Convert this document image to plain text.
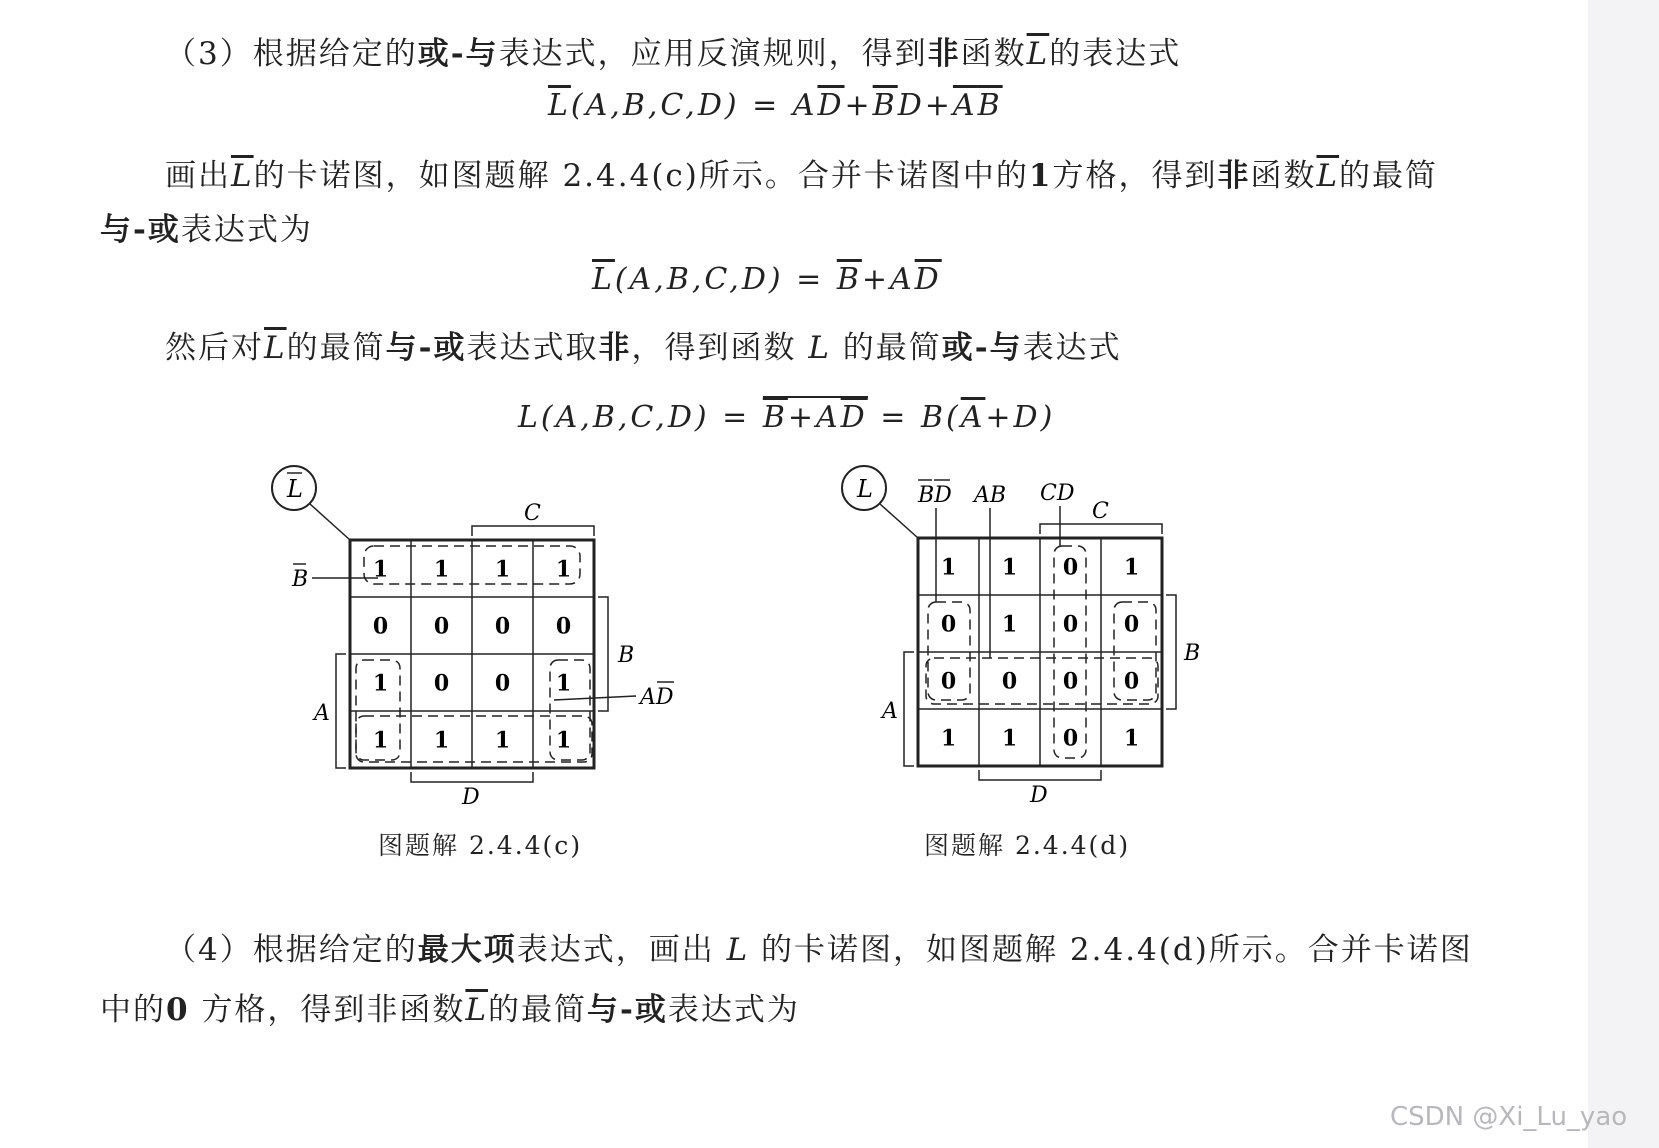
（3）根据给定的或-与表达式，应用反演规则，得到非函数$\overline{L}$的表达式
$\overline{L}(A,B,C,D) = A\overline{D}+\overline{B}D+\overline{A}\overline{B}$
画出$\overline{L}$的卡诺图，如图题解 2.4.4(c)所示。合并卡诺图中的1方格，得到非函数$\overline{L}$的最简
与-或表达式为
$\overline{L}(A,B,C,D) = \overline{B}+A\overline{D}$
然后对$\overline{L}$的最简与-或表达式取非，得到函数 L 的最简或-与表达式
$L(A,B,C,D) = \overline{B}+A\overline{D} = B(\overline{A}+D)$
L
1 1 1 1
0 0 0 0
1 0 0 1
1 1 1 1
C
B
D
A
B
AD
图题解 2.4.4(c)
L
1 1 0 1
0 1 0 0
0 0 0 0
1 1 0 1
BD AB CD
C
B
D
A
图题解 2.4.4(d)
（4）根据给定的最大项表达式，画出 L 的卡诺图，如图题解 2.4.4(d)所示。合并卡诺图
中的0 方格，得到非函数$\overline{L}$的最简与-或表达式为
CSDN @Xi_Lu_yao
